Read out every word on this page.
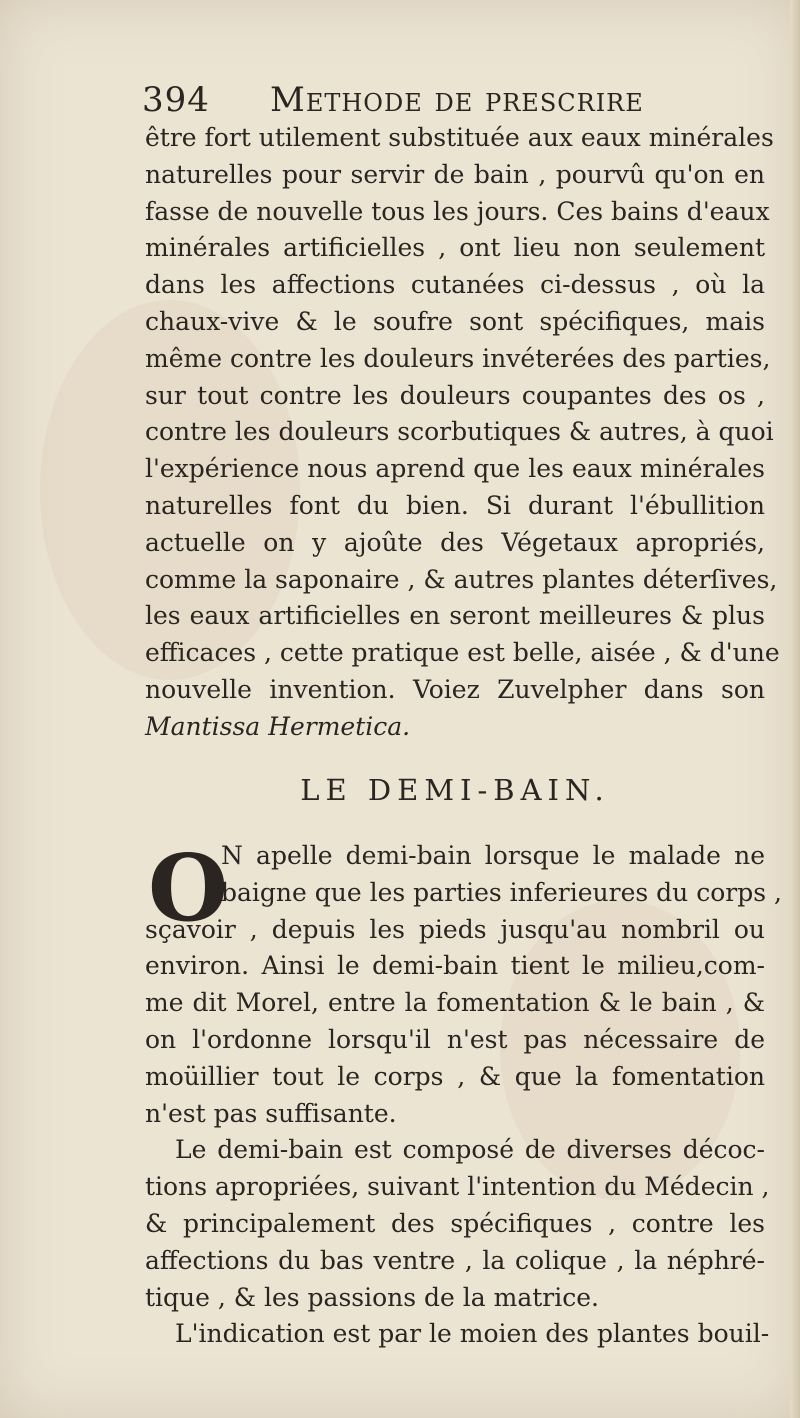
394 Methode de prescrire
être fort utilement substituée aux eaux minérales
naturelles pour servir de bain , pourvû qu'on en
fasse de nouvelle tous les jours. Ces bains d'eaux
minérales artificielles , ont lieu non seulement
dans les affections cutanées ci-dessus , où la
chaux-vive & le soufre sont spécifiques, mais
même contre les douleurs invéterées des parties,
sur tout contre les douleurs coupantes des os ,
contre les douleurs scorbutiques & autres, à quoi
l'expérience nous aprend que les eaux minérales
naturelles font du bien. Si durant l'ébullition
actuelle on y ajoûte des Végetaux apropriés,
comme la saponaire , & autres plantes déterſives,
les eaux artificielles en seront meilleures & plus
efficaces , cette pratique est belle, aisée , & d'une
nouvelle invention. Voiez Zuvelpher dans son
Mantissa Hermetica.
LE DEMI-BAIN.
O
N apelle demi-bain lorsque le malade ne
baigne que les parties inferieures du corps ,
sçavoir , depuis les pieds jusqu'au nombril ou
environ. Ainsi le demi-bain tient le milieu,com-
me dit Morel, entre la fomentation & le bain , &
on l'ordonne lorsqu'il n'est pas nécessaire de
moüillier tout le corps , & que la fomentation
n'est pas suffisante.
Le demi-bain est composé de diverses décoc-
tions apropriées, suivant l'intention du Médecin ,
& principalement des spécifiques , contre les
affections du bas ventre , la colique , la néphré-
tique , & les passions de la matrice.
L'indication est par le moien des plantes bouil-
